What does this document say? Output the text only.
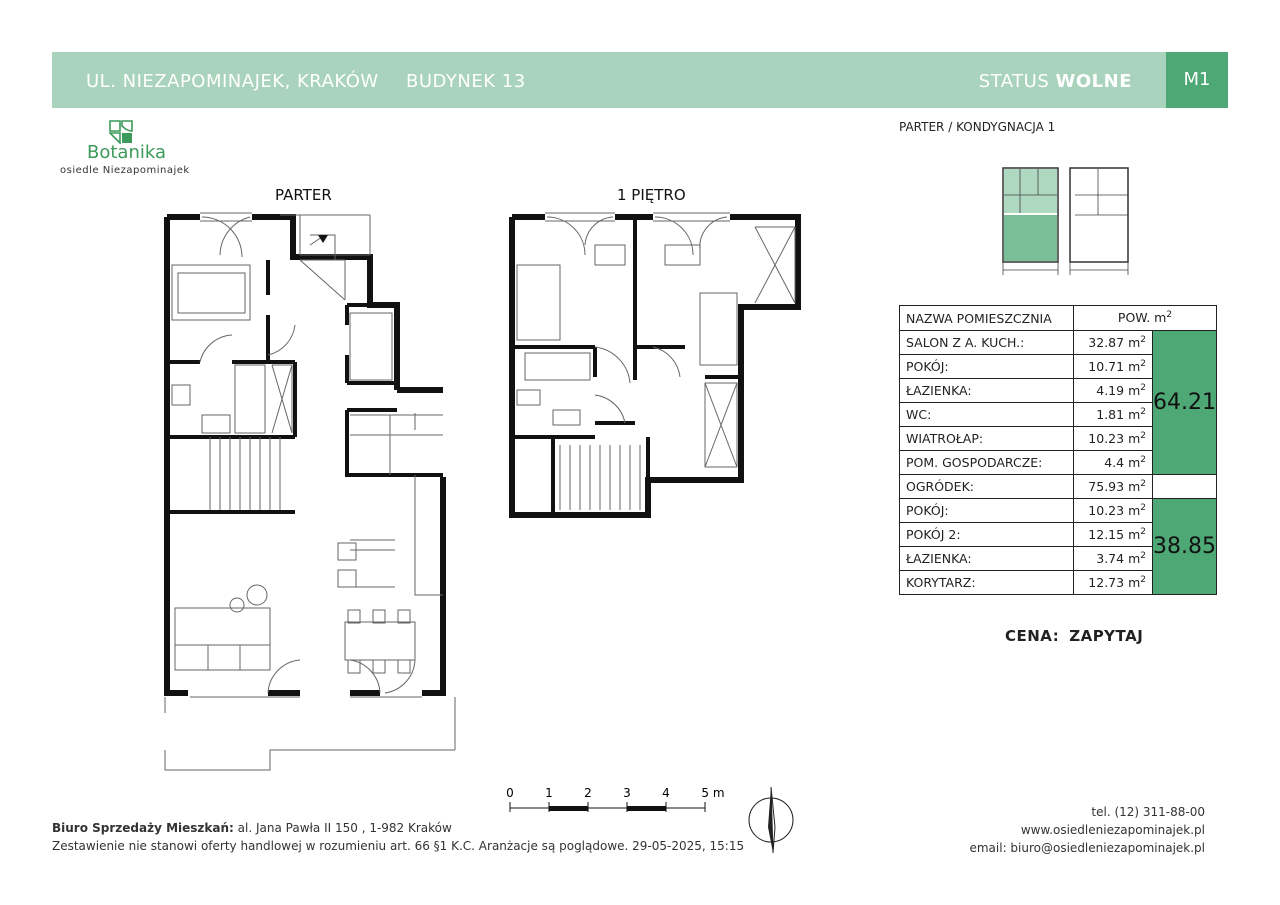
UL. NIEZAPOMINAJEK, KRAKÓW BUDYNEK 13	STATUS WOLNE	M1
Botanika
osiedle Niezapominajek
PARTER	1 PIĘTRO
PARTER / KONDYGNACJA 1
NAZWA POMIESZCZNIA	POW. $m^2$
SALON Z A. KUCH.:	32.87 $m^2$	64.21
POKÓJ:	10.71 $m^2$
ŁAZIENKA:	4.19 $m^2$
WC:	1.81 $m^2$
WIATROŁAP:	10.23 $m^2$
POM. GOSPODARCZE:	4.4 $m^2$
OGRÓDEK:	75.93 $m^2$	
POKÓJ:	10.23 $m^2$	38.85
POKÓJ 2:	12.15 $m^2$
ŁAZIENKA:	3.74 $m^2$
KORYTARZ:	12.73 $m^2$
CENA: ZAPYTAJ
0	1	2	3	4	5 m
Biuro Sprzedaży Mieszkań: al. Jana Pawła II 150 , 1-982 Kraków
Zestawienie nie stanowi oferty handlowej w rozumieniu art. 66 §1 K.C. Aranżacje są poglądowe. 29-05-2025, 15:15
tel. (12) 311-88-00
www.osiedleniezapominajek.pl
email: biuro@osiedleniezapominajek.pl
